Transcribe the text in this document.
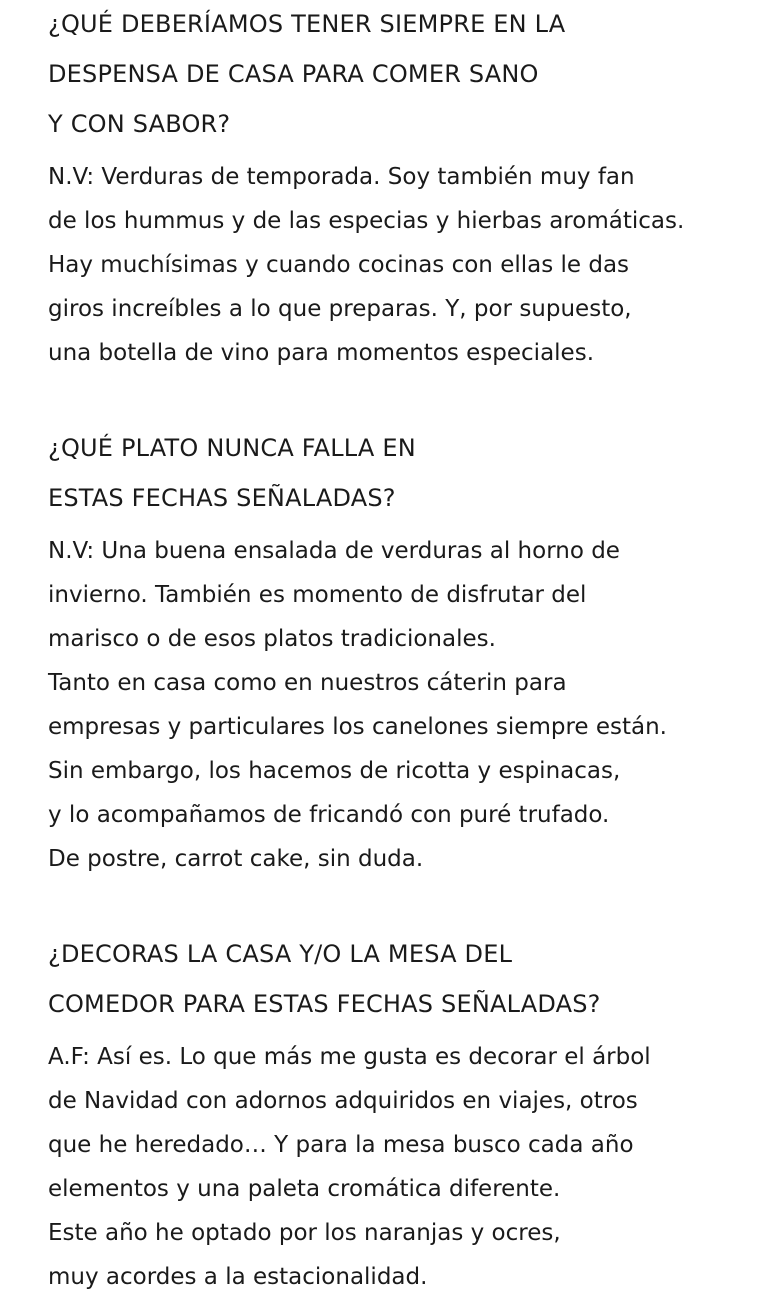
¿QUÉ DEBERÍAMOS TENER SIEMPRE EN LA
DESPENSA DE CASA PARA COMER SANO
Y CON SABOR?
N.V: Verduras de temporada. Soy también muy fan
de los hummus y de las especias y hierbas aromáticas.
Hay muchísimas y cuando cocinas con ellas le das
giros increíbles a lo que preparas. Y, por supuesto,
una botella de vino para momentos especiales.
¿QUÉ PLATO NUNCA FALLA EN
ESTAS FECHAS SEÑALADAS?
N.V: Una buena ensalada de verduras al horno de
invierno. También es momento de disfrutar del
marisco o de esos platos tradicionales.
Tanto en casa como en nuestros cáterin para
empresas y particulares los canelones siempre están.
Sin embargo, los hacemos de ricotta y espinacas,
y lo acompañamos de fricandó con puré trufado.
De postre, carrot cake, sin duda.
¿DECORAS LA CASA Y/O LA MESA DEL
COMEDOR PARA ESTAS FECHAS SEÑALADAS?
A.F: Así es. Lo que más me gusta es decorar el árbol
de Navidad con adornos adquiridos en viajes, otros
que he heredado… Y para la mesa busco cada año
elementos y una paleta cromática diferente.
Este año he optado por los naranjas y ocres,
muy acordes a la estacionalidad.
